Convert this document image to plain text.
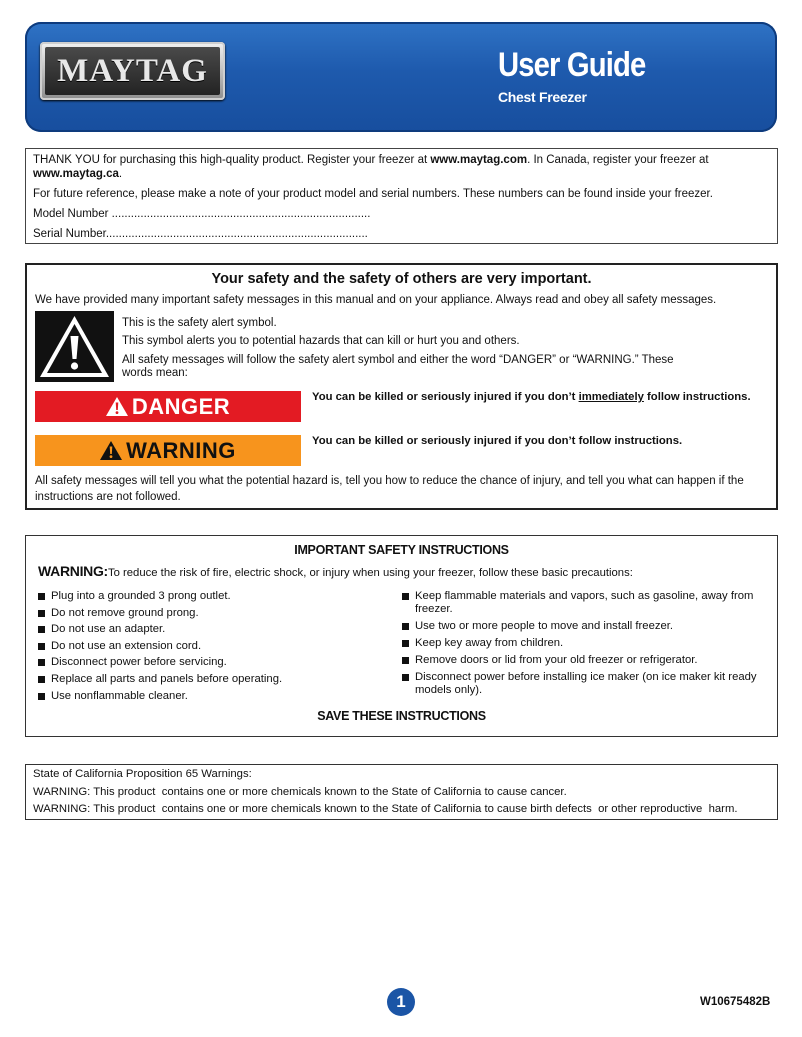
MAYTAG	User Guide
Chest Freezer
THANK YOU for purchasing this high-quality product. Register your freezer at www.maytag.com. In Canada, register your freezer at www.maytag.ca.
For future reference, please make a note of your product model and serial numbers. These numbers can be found inside your freezer.
Model Number .................................................................................
Serial Number..................................................................................
Your safety and the safety of others are very important.
We have provided many important safety messages in this manual and on your appliance. Always read and obey all safety messages.
This is the safety alert symbol.
This symbol alerts you to potential hazards that can kill or hurt you and others.
All safety messages will follow the safety alert symbol and either the word “DANGER” or “WARNING.” These words mean:
DANGER	You can be killed or seriously injured if you don’t immediately follow instructions.
WARNING	You can be killed or seriously injured if you don’t follow instructions.
All safety messages will tell you what the potential hazard is, tell you how to reduce the chance of injury, and tell you what can happen if the instructions are not followed.
IMPORTANT SAFETY INSTRUCTIONS
WARNING:To reduce the risk of fire, electric shock, or injury when using your freezer, follow these basic precautions:
Plug into a grounded 3 prong outlet.
Do not remove ground prong.
Do not use an adapter.
Do not use an extension cord.
Disconnect power before servicing.
Replace all parts and panels before operating.
Use nonflammable cleaner.
Keep flammable materials and vapors, such as gasoline, away from freezer.
Use two or more people to move and install freezer.
Keep key away from children.
Remove doors or lid from your old freezer or refrigerator.
Disconnect power before installing ice maker (on ice maker kit ready models only).
SAVE THESE INSTRUCTIONS
State of California Proposition 65 Warnings:
WARNING: This product  contains one or more chemicals known to the State of California to cause cancer.
WARNING: This product  contains one or more chemicals known to the State of California to cause birth defects  or other reproductive  harm.
1	W10675482B
